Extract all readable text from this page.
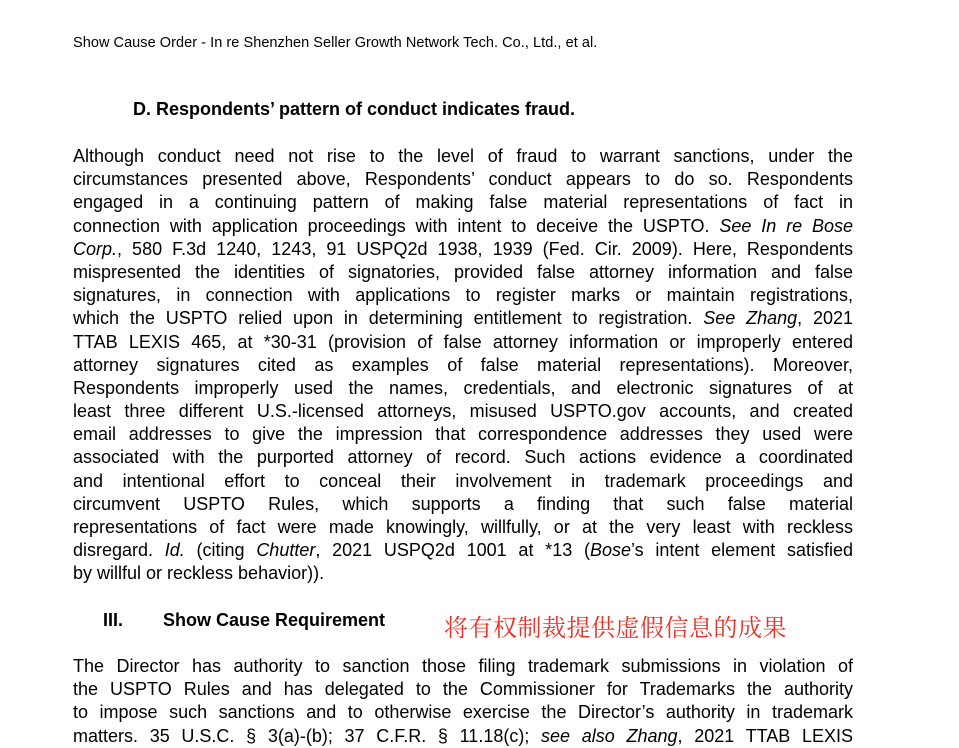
Show Cause Order - In re Shenzhen Seller Growth Network Tech. Co., Ltd., et al.
D. Respondents’ pattern of conduct indicates fraud.
Although conduct need not rise to the level of fraud to warrant sanctions, under the
circumstances presented above, Respondents’ conduct appears to do so. Respondents
engaged in a continuing pattern of making false material representations of fact in
connection with application proceedings with intent to deceive the USPTO. See In re Bose
Corp., 580 F.3d 1240, 1243, 91 USPQ2d 1938, 1939 (Fed. Cir. 2009). Here, Respondents
mispresented the identities of signatories, provided false attorney information and false
signatures, in connection with applications to register marks or maintain registrations,
which the USPTO relied upon in determining entitlement to registration. See Zhang, 2021
TTAB LEXIS 465, at *30-31 (provision of false attorney information or improperly entered
attorney signatures cited as examples of false material representations). Moreover,
Respondents improperly used the names, credentials, and electronic signatures of at
least three different U.S.-licensed attorneys, misused USPTO.gov accounts, and created
email addresses to give the impression that correspondence addresses they used were
associated with the purported attorney of record. Such actions evidence a coordinated
and intentional effort to conceal their involvement in trademark proceedings and
circumvent USPTO Rules, which supports a finding that such false material
representations of fact were made knowingly, willfully, or at the very least with reckless
disregard. Id. (citing Chutter, 2021 USPQ2d 1001 at *13 (Bose’s intent element satisfied
by willful or reckless behavior)).
III. Show Cause Requirement 将有权制裁提供虚假信息的成果
The Director has authority to sanction those filing trademark submissions in violation of
the USPTO Rules and has delegated to the Commissioner for Trademarks the authority
to impose such sanctions and to otherwise exercise the Director’s authority in trademark
matters. 35 U.S.C. § 3(a)-(b); 37 C.F.R. § 11.18(c); see also Zhang, 2021 TTAB LEXIS
